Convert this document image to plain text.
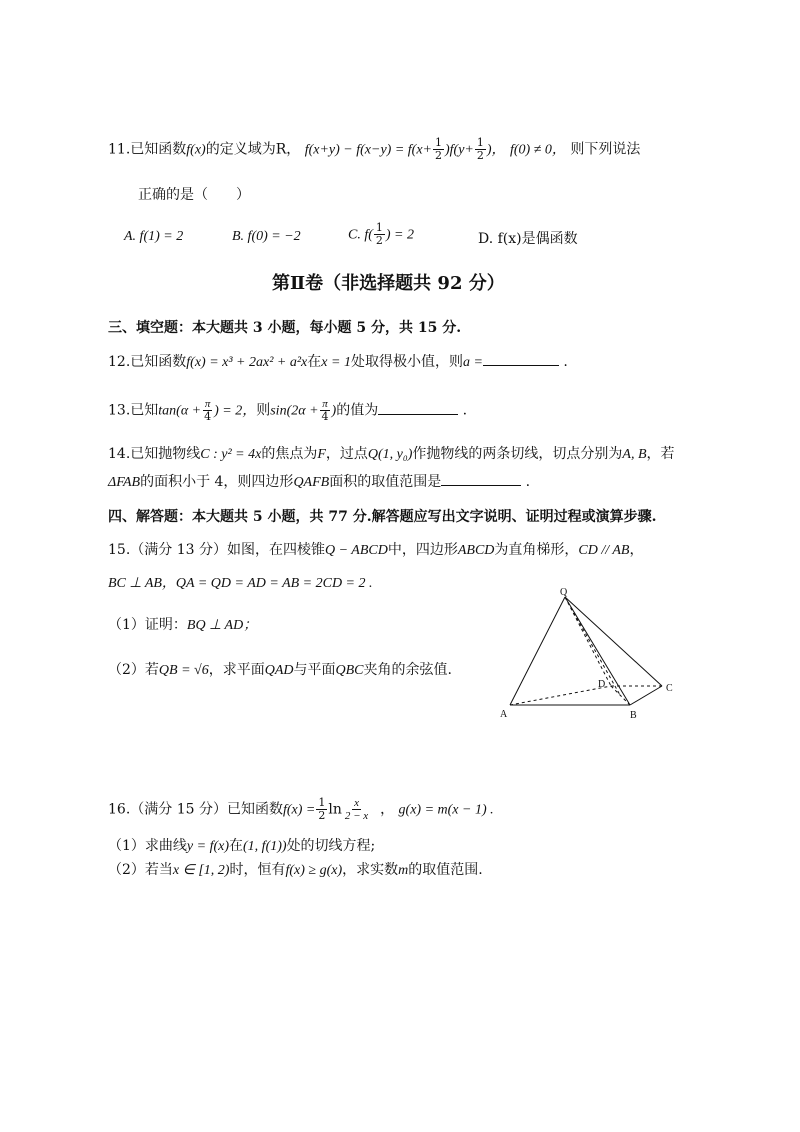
11.已知函数f(x)的定义域为R， $f(x+y) - f(x-y) = f(x+ \frac{1}{2} )f(y+ \frac{1}{2}$ )， f(0) ≠ 0， 则下列说法
正确的是（　　）
A. f(1) = 2	B. f(0) = −2	C. $f( \frac{1}{2}$ ) = 2	D. f(x)是偶函数
第Ⅱ卷（非选择题共 92 分）
三、填空题：本大题共 3 小题，每小题 5 分，共 15 分.
12.已知函数f(x) = x³ + 2ax² + a²x在x = 1处取得极小值，则a =	.
13.已知$\tan(\alpha + \frac{\pi}{4}$ ) = 2，则$\sin(2\alpha + \frac{\pi}{4}$ )的值为	.
14.已知抛物线C : y² = 4x的焦点为F，过点Q(1, y₀)作抛物线的两条切线，切点分别为A, B，若
ΔFAB的面积小于 4，则四边形QAFB面积的取值范围是	.
四、解答题：本大题共 5 小题，共 77 分.解答题应写出文字说明、证明过程或演算步骤.
15.（满分 13 分）如图，在四棱锥Q − ABCD中，四边形ABCD为直角梯形，CD // AB，
BC ⊥ AB，QA = QD = AD = AB = 2CD = 2 .
（1）证明：BQ ⊥ AD；
（2）若QB = √6，求平面QAD与平面QBC夹角的余弦值.
Q
A	B
C
D
16.（满分 15 分）已知函数$f(x) = \frac{1}{2}$ $\ln \frac{x}{2 - x}$ ， g(x) = m(x − 1) .
（1）求曲线y = f(x)在(1, f(1))处的切线方程;
（2）若当x ∈ [1, 2)时，恒有f(x) ≥ g(x)，求实数m的取值范围.
